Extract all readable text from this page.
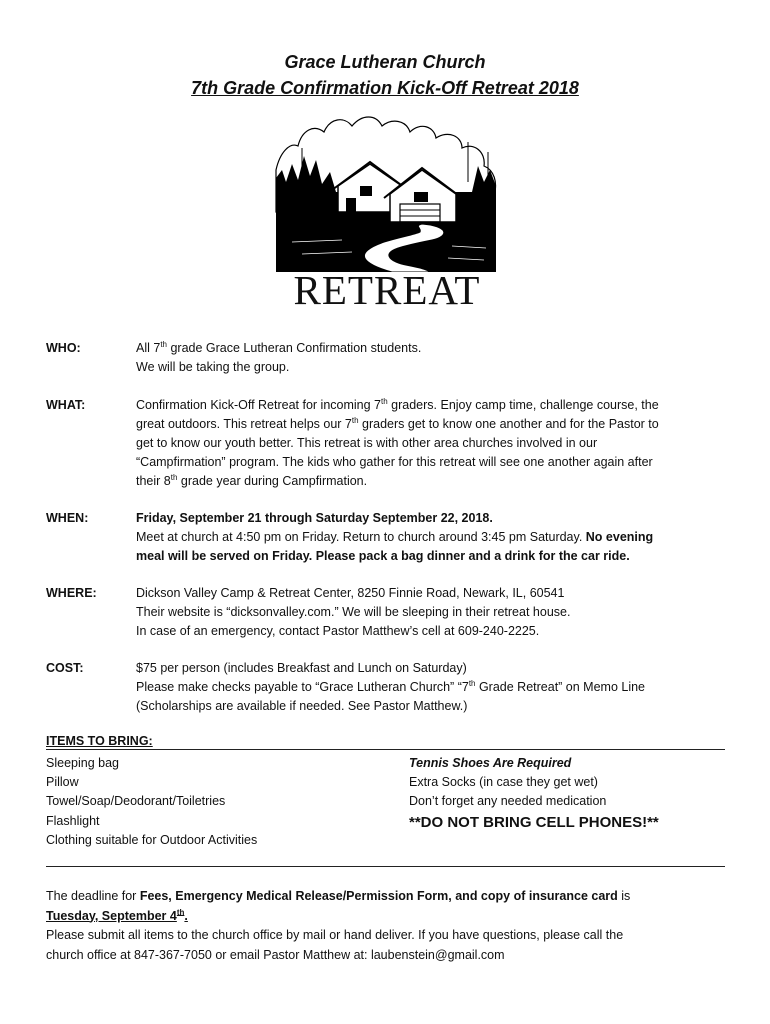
Grace Lutheran Church
7th Grade Confirmation Kick-Off Retreat 2018
RETREAT
WHO:	All 7th grade Grace Lutheran Confirmation students.
We will be taking the group.
WHAT:	Confirmation Kick-Off Retreat for incoming 7th graders. Enjoy camp time, challenge course, the
great outdoors. This retreat helps our 7th graders get to know one another and for the Pastor to
get to know our youth better. This retreat is with other area churches involved in our
“Campfirmation” program. The kids who gather for this retreat will see one another again after
their 8th grade year during Campfirmation.
WHEN:	Friday, September 21 through Saturday September 22, 2018.
Meet at church at 4:50 pm on Friday. Return to church around 3:45 pm Saturday. No evening
meal will be served on Friday. Please pack a bag dinner and a drink for the car ride.
WHERE:	Dickson Valley Camp & Retreat Center, 8250 Finnie Road, Newark, IL, 60541
Their website is “dicksonvalley.com.” We will be sleeping in their retreat house.
In case of an emergency, contact Pastor Matthew’s cell at 609-240-2225.
COST:	$75 per person (includes Breakfast and Lunch on Saturday)
Please make checks payable to “Grace Lutheran Church” “7th Grade Retreat” on Memo Line
(Scholarships are available if needed. See Pastor Matthew.)
ITEMS TO BRING:
Sleeping bag
Pillow
Towel/Soap/Deodorant/Toiletries
Flashlight
Clothing suitable for Outdoor Activities
Tennis Shoes Are Required
Extra Socks (in case they get wet)
Don’t forget any needed medication
**DO NOT BRING CELL PHONES!**
The deadline for Fees, Emergency Medical Release/Permission Form, and copy of insurance card is
Tuesday, September 4th.
Please submit all items to the church office by mail or hand deliver. If you have questions, please call the
church office at 847-367-7050 or email Pastor Matthew at: laubenstein@gmail.com
